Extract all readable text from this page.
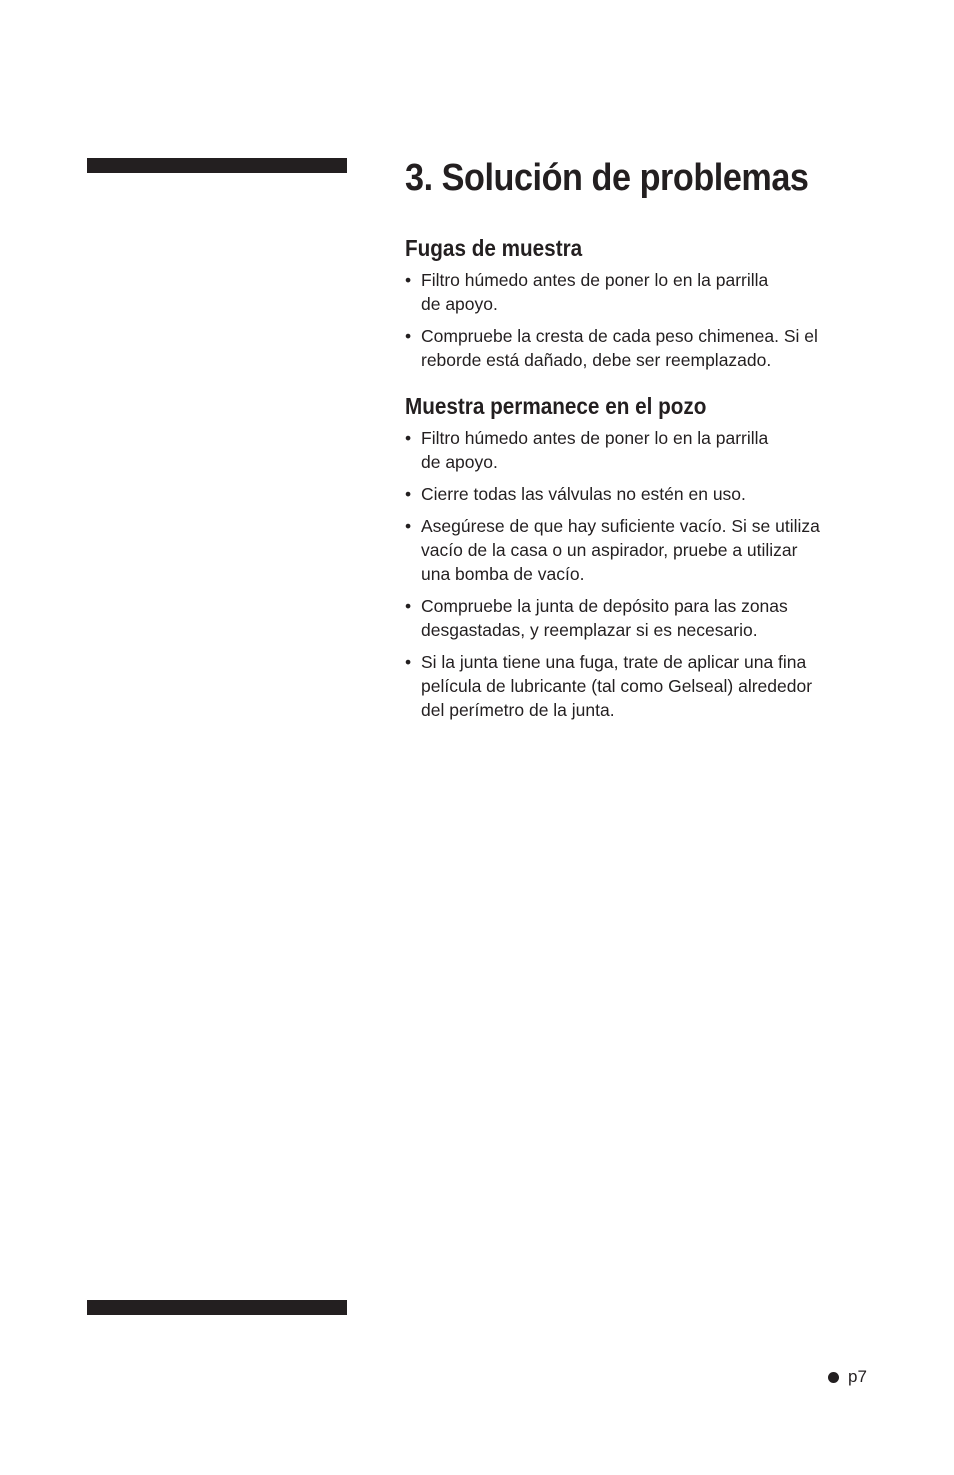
3. Solución de problemas
Fugas de muestra
• Filtro húmedo antes de poner lo en la parrilla
de apoyo.
• Compruebe la cresta de cada peso chimenea. Si el
reborde está dañado, debe ser reemplazado.
Muestra permanece en el pozo
• Filtro húmedo antes de poner lo en la parrilla
de apoyo.
• Cierre todas las válvulas no estén en uso.
• Asegúrese de que hay suficiente vacío. Si se utiliza
vacío de la casa o un aspirador, pruebe a utilizar
una bomba de vacío.
• Compruebe la junta de depósito para las zonas
desgastadas, y reemplazar si es necesario.
• Si la junta tiene una fuga, trate de aplicar una fina
película de lubricante (tal como Gelseal) alrededor
del perímetro de la junta.
p7
